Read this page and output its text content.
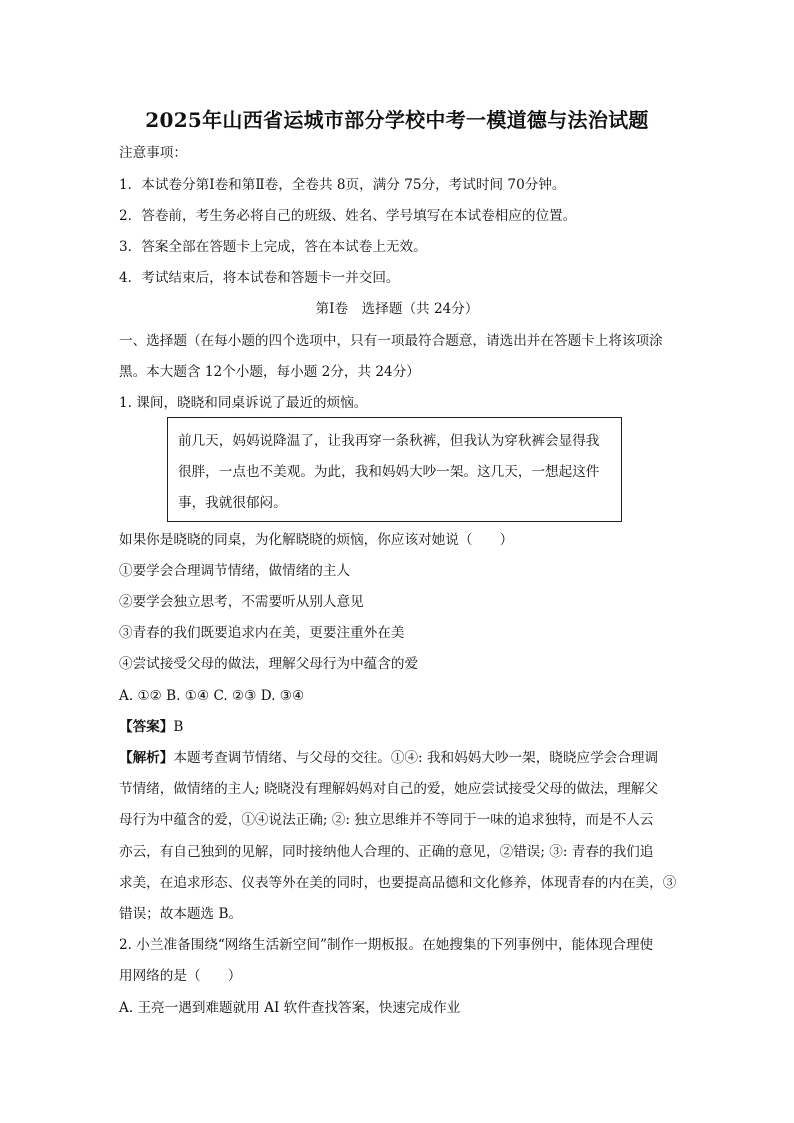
2025年山西省运城市部分学校中考一模道德与法治试题
注意事项：
1．本试卷分第Ⅰ卷和第Ⅱ卷，全卷共 8页，满分 75分，考试时间 70分钟。
2．答卷前，考生务必将自己的班级、姓名、学号填写在本试卷相应的位置。
3．答案全部在答题卡上完成，答在本试卷上无效。
4．考试结束后，将本试卷和答题卡一并交回。
第Ⅰ卷　选择题（共 24分）
一、选择题（在每小题的四个选项中，只有一项最符合题意，请选出并在答题卡上将该项涂
黑。本大题含 12个小题，每小题 2分，共 24分）
1. 课间，晓晓和同桌诉说了最近的烦恼。
前几天，妈妈说降温了，让我再穿一条秋裤，但我认为穿秋裤会显得我
很胖，一点也不美观。为此，我和妈妈大吵一架。这几天，一想起这件
事，我就很郁闷。
如果你是晓晓的同桌，为化解晓晓的烦恼，你应该对她说（　　）
①要学会合理调节情绪，做情绪的主人
②要学会独立思考，不需要听从别人意见
③青春的我们既要追求内在美，更要注重外在美
④尝试接受父母的做法，理解父母行为中蕴含的爱
A. ①② B. ①④ C. ②③ D. ③④
【答案】B
【解析】本题考查调节情绪、与父母的交往。①④: 我和妈妈大吵一架，晓晓应学会合理调
节情绪，做情绪的主人; 晓晓没有理解妈妈对自己的爱，她应尝试接受父母的做法，理解父
母行为中蕴含的爱，①④说法正确; ②: 独立思维并不等同于一味的追求独特，而是不人云
亦云，有自己独到的见解，同时接纳他人合理的、正确的意见，②错误; ③: 青春的我们追
求美，在追求形态、仪表等外在美的同时，也要提高品德和文化修养，体现青春的内在美，③
错误；故本题选 B。
2. 小兰准备围绕“网络生活新空间”制作一期板报。在她搜集的下列事例中，能体现合理使
用网络的是（　　）
A. 王亮一遇到难题就用 AI 软件查找答案，快速完成作业
